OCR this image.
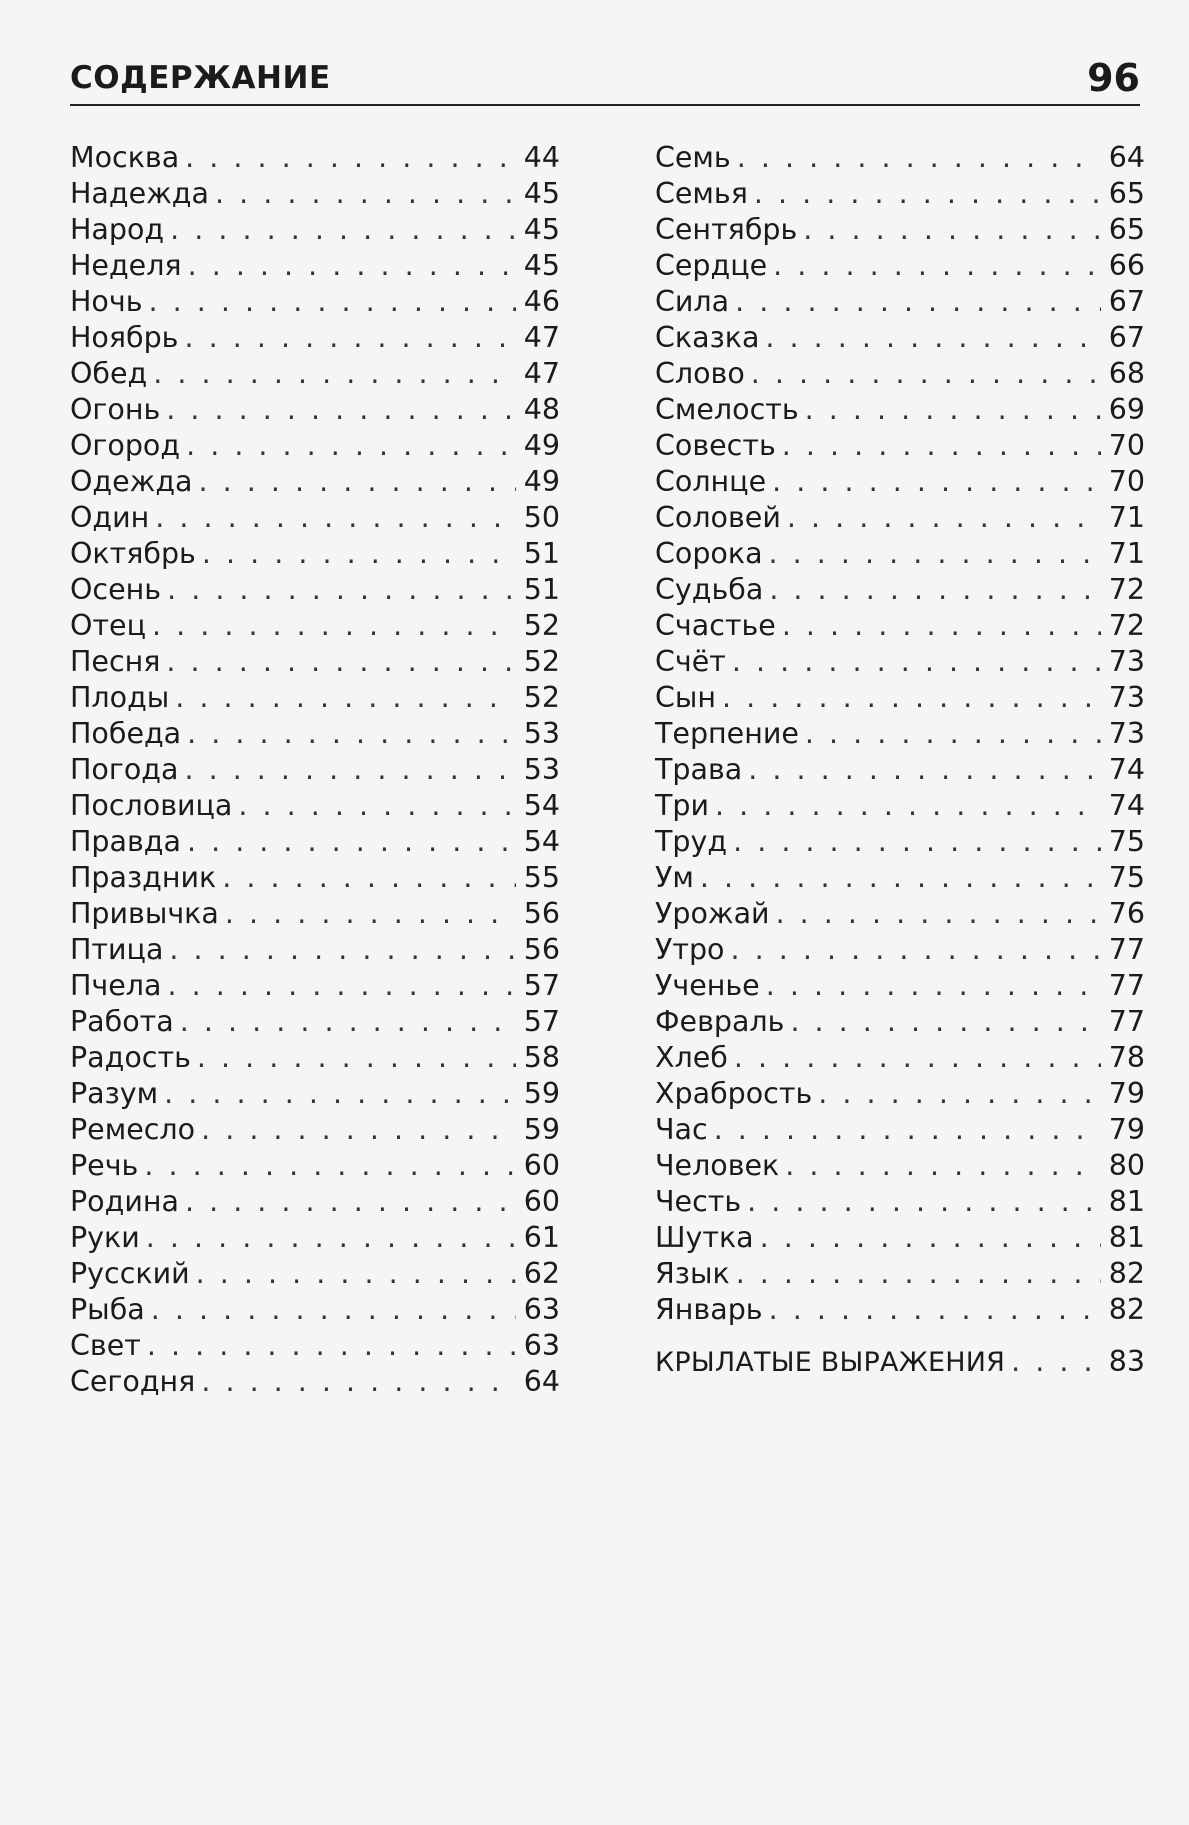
СОДЕРЖАНИЕ	96
Москва . . .	44
Надежда . . .	45
Народ . . .	45
Неделя . . .	45
Ночь . . .	46
Ноябрь . . .	47
Обед . . .	47
Огонь . . .	48
Огород . . .	49
Одежда . . .	49
Один . . .	50
Октябрь . . .	51
Осень . . .	51
Отец . . .	52
Песня . . .	52
Плоды . . .	52
Победа . . .	53
Погода . . .	53
Пословица . . .	54
Правда . . .	54
Праздник . . .	55
Привычка . . .	56
Птица . . .	56
Пчела . . .	57
Работа . . .	57
Радость . . .	58
Разум . . .	59
Ремесло . . .	59
Речь . . .	60
Родина . . .	60
Руки . . .	61
Русский . . .	62
Рыба . . .	63
Свет . . .	63
Сегодня . . .	64
Семь . . .	64
Семья . . .	65
Сентябрь . . .	65
Сердце . . .	66
Сила . . .	67
Сказка . . .	67
Слово . . .	68
Смелость . . .	69
Совесть . . .	70
Солнце . . .	70
Соловей . . .	71
Сорока . . .	71
Судьба . . .	72
Счастье . . .	72
Счёт . . .	73
Сын . . .	73
Терпение . . .	73
Трава . . .	74
Три . . .	74
Труд . . .	75
Ум . . .	75
Урожай . . .	76
Утро . . .	77
Ученье . . .	77
Февраль . . .	77
Хлеб . . .	78
Храбрость . . .	79
Час . . .	79
Человек . . .	80
Честь . . .	81
Шутка . . .	81
Язык . . .	82
Январь . . .	82
КРЫЛАТЫЕ ВЫРАЖЕНИЯ . . .	83
